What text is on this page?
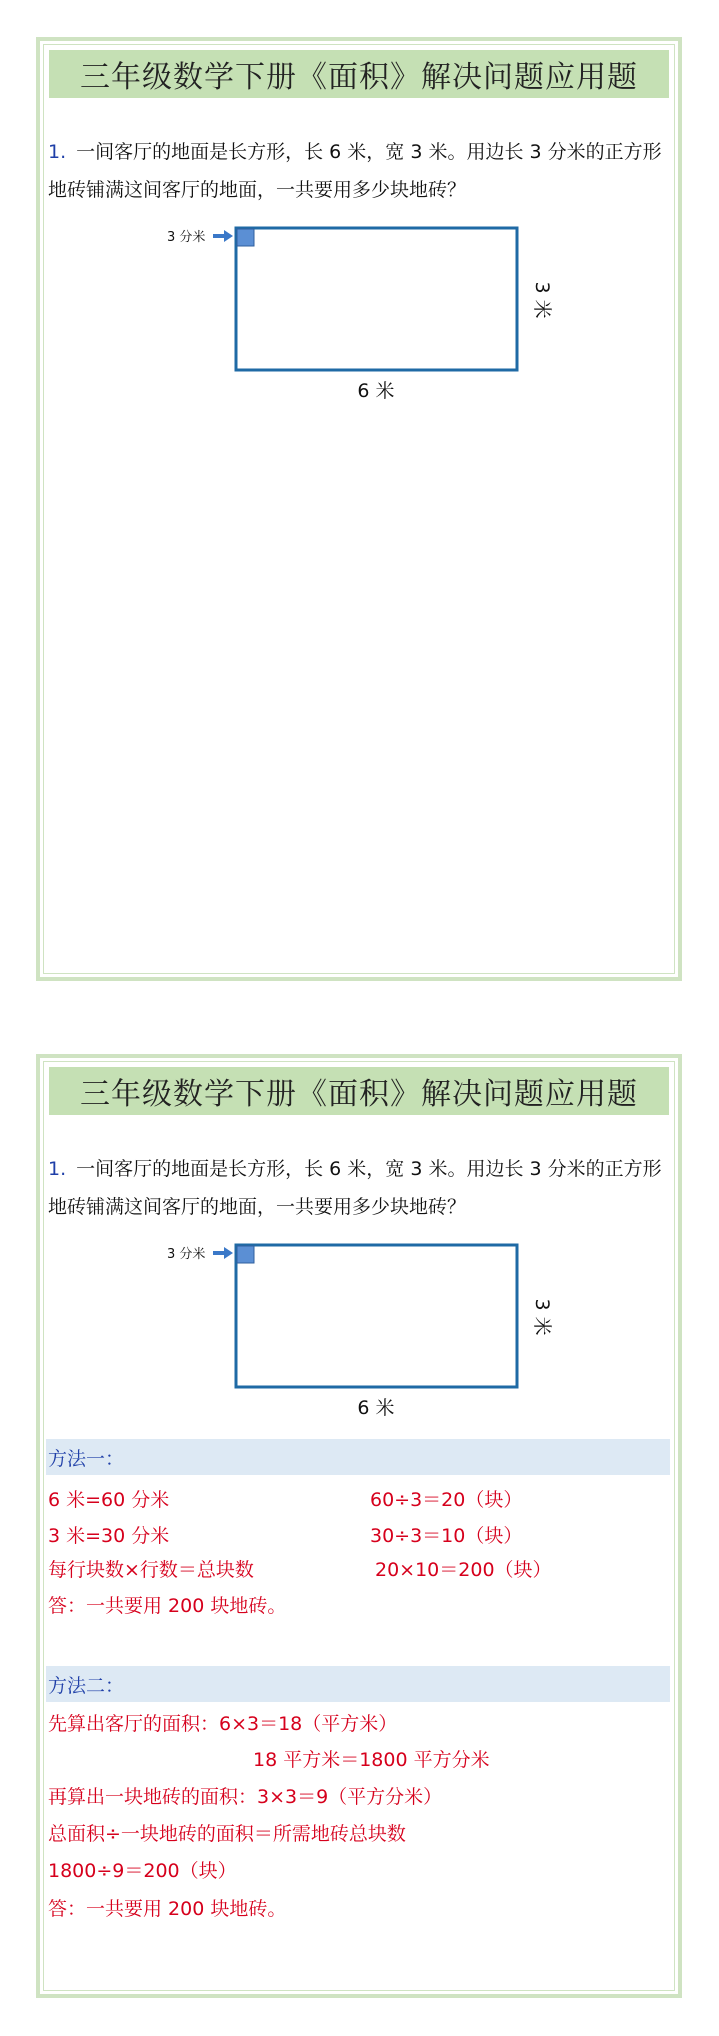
三年级数学下册《面积》解决问题应用题
1. 一间客厅的地面是长方形，长 6 米，宽 3 米。用边长 3 分米的正方形地砖铺满这间客厅的地面，一共要用多少块地砖？
3 分米
6 米
3 米
三年级数学下册《面积》解决问题应用题
1. 一间客厅的地面是长方形，长 6 米，宽 3 米。用边长 3 分米的正方形地砖铺满这间客厅的地面，一共要用多少块地砖？
3 分米
6 米
3 米
方法一：
6 米=60 分米	60÷3＝20（块）
3 米=30 分米	30÷3＝10（块）
每行块数×行数＝总块数	20×10＝200（块）
答：一共要用 200 块地砖。
方法二：
先算出客厅的面积：6×3＝18（平方米）
18 平方米＝1800 平方分米
再算出一块地砖的面积：3×3＝9（平方分米）
总面积÷一块地砖的面积＝所需地砖总块数
1800÷9＝200（块）
答：一共要用 200 块地砖。
